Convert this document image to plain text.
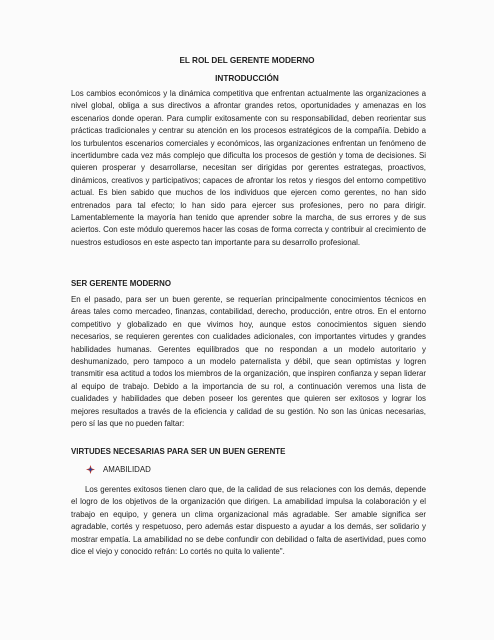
EL ROL DEL GERENTE MODERNO
INTRODUCCIÓN

Los cambios económicos y la dinámica competitiva que enfrentan actualmente las organizaciones a nivel global, obliga a sus directivos a afrontar grandes retos, oportunidades y amenazas en los escenarios donde operan. Para cumplir exitosamente con su responsabilidad, deben reorientar sus prácticas tradicionales y centrar su atención en los procesos estratégicos de la compañía. Debido a los turbulentos escenarios comerciales y económicos, las organizaciones enfrentan un fenómeno de incertidumbre cada vez más complejo que dificulta los procesos de gestión y toma de decisiones. Si quieren prosperar y desarrollarse, necesitan ser dirigidas por gerentes estrategas, proactivos, dinámicos, creativos y participativos; capaces de afrontar los retos y riesgos del entorno competitivo actual. Es bien sabido que muchos de los individuos que ejercen como gerentes, no han sido entrenados para tal efecto; lo han sido para ejercer sus profesiones, pero no para dirigir. Lamentablemente la mayoría han tenido que aprender sobre la marcha, de sus errores y de sus aciertos. Con este módulo queremos hacer las cosas de forma correcta y contribuir al crecimiento de nuestros estudiosos en este aspecto tan importante para su desarrollo profesional.

SER GERENTE MODERNO

En el pasado, para ser un buen gerente, se requerían principalmente conocimientos técnicos en áreas tales como mercadeo, finanzas, contabilidad, derecho, producción, entre otros. En el entorno competitivo y globalizado en que vivimos hoy, aunque estos conocimientos siguen siendo necesarios, se requieren gerentes con cualidades adicionales, con importantes virtudes y grandes habilidades humanas. Gerentes equilibrados que no respondan a un modelo autoritario y deshumanizado, pero tampoco a un modelo paternalista y débil, que sean optimistas y logren transmitir esa actitud a todos los miembros de la organización, que inspiren confianza y sepan liderar al equipo de trabajo. Debido a la importancia de su rol, a continuación veremos una lista de cualidades y habilidades que deben poseer los gerentes que quieren ser exitosos y lograr los mejores resultados a través de la eficiencia y calidad de su gestión. No son las únicas necesarias, pero sí las que no pueden faltar:

VIRTUDES NECESARIAS PARA SER UN BUEN GERENTE
AMABILIDAD

Los gerentes exitosos tienen claro que, de la calidad de sus relaciones con los demás, depende el logro de los objetivos de la organización que dirigen. La amabilidad impulsa la colaboración y el trabajo en equipo, y genera un clima organizacional más agradable. Ser amable significa ser agradable, cortés y respetuoso, pero además estar dispuesto a ayudar a los demás, ser solidario y mostrar empatía. La amabilidad no se debe confundir con debilidad o falta de asertividad, pues como dice el viejo y conocido refrán: Lo cortés no quita lo valiente".
